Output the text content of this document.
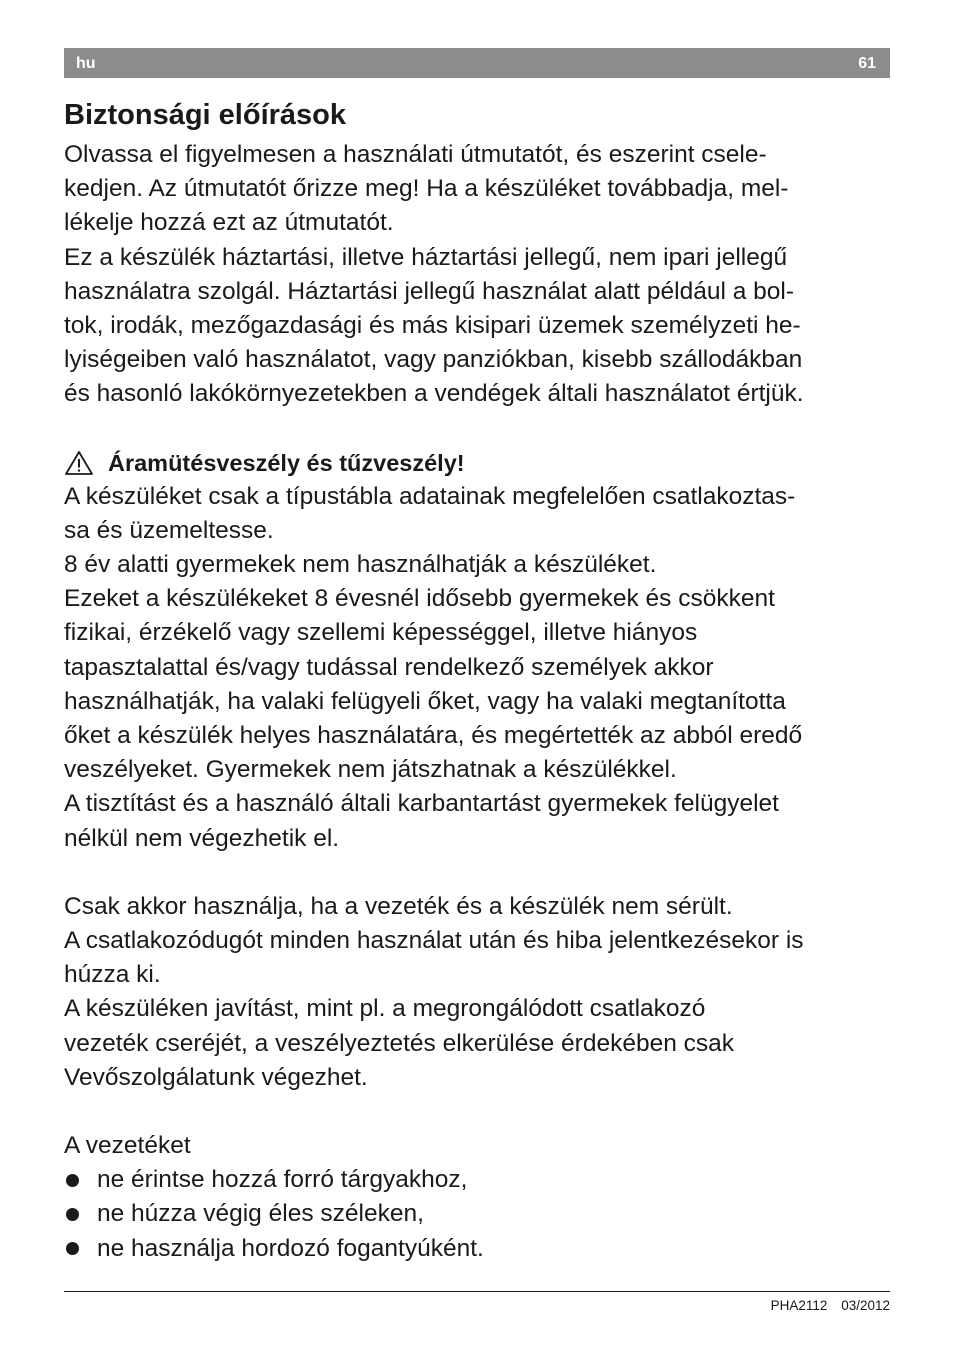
hu	61
Biztonsági előírások
Olvassa el figyelmesen a használati útmutatót, és eszerint csele-
kedjen. Az útmutatót őrizze meg! Ha a készüléket továbbadja, mel-
lékelje hozzá ezt az útmutatót.
Ez a készülék háztartási, illetve háztartási jellegű, nem ipari jellegű
használatra szolgál. Háztartási jellegű használat alatt például a bol-
tok, irodák, mezőgazdasági és más kisipari üzemek személyzeti he-
lyiségeiben való használatot, vagy panziókban, kisebb szállodákban
és hasonló lakókörnyezetekben a vendégek általi használatot értjük.
Áramütésveszély és tűzveszély!
A készüléket csak a típustábla adatainak megfelelően csatlakoztas-
sa és üzemeltesse.
8 év alatti gyermekek nem használhatják a készüléket.
Ezeket a készülékeket 8 évesnél idősebb gyermekek és csökkent
fizikai, érzékelő vagy szellemi képességgel, illetve hiányos
tapasztalattal és/vagy tudással rendelkező személyek akkor
használhatják, ha valaki felügyeli őket, vagy ha valaki megtanította
őket a készülék helyes használatára, és megértették az abból eredő
veszélyeket. Gyermekek nem játszhatnak a készülékkel.
A tisztítást és a használó általi karbantartást gyermekek felügyelet
nélkül nem végezhetik el.
Csak akkor használja, ha a vezeték és a készülék nem sérült.
A csatlakozódugót minden használat után és hiba jelentkezésekor is
húzza ki.
A készüléken javítást, mint pl. a megrongálódott csatlakozó
vezeték cseréjét, a veszélyeztetés elkerülése érdekében csak
Vevőszolgálatunk végezhet.
A vezetéket
ne érintse hozzá forró tárgyakhoz,
ne húzza végig éles széleken,
ne használja hordozó fogantyúként.
PHA2112 03/2012
